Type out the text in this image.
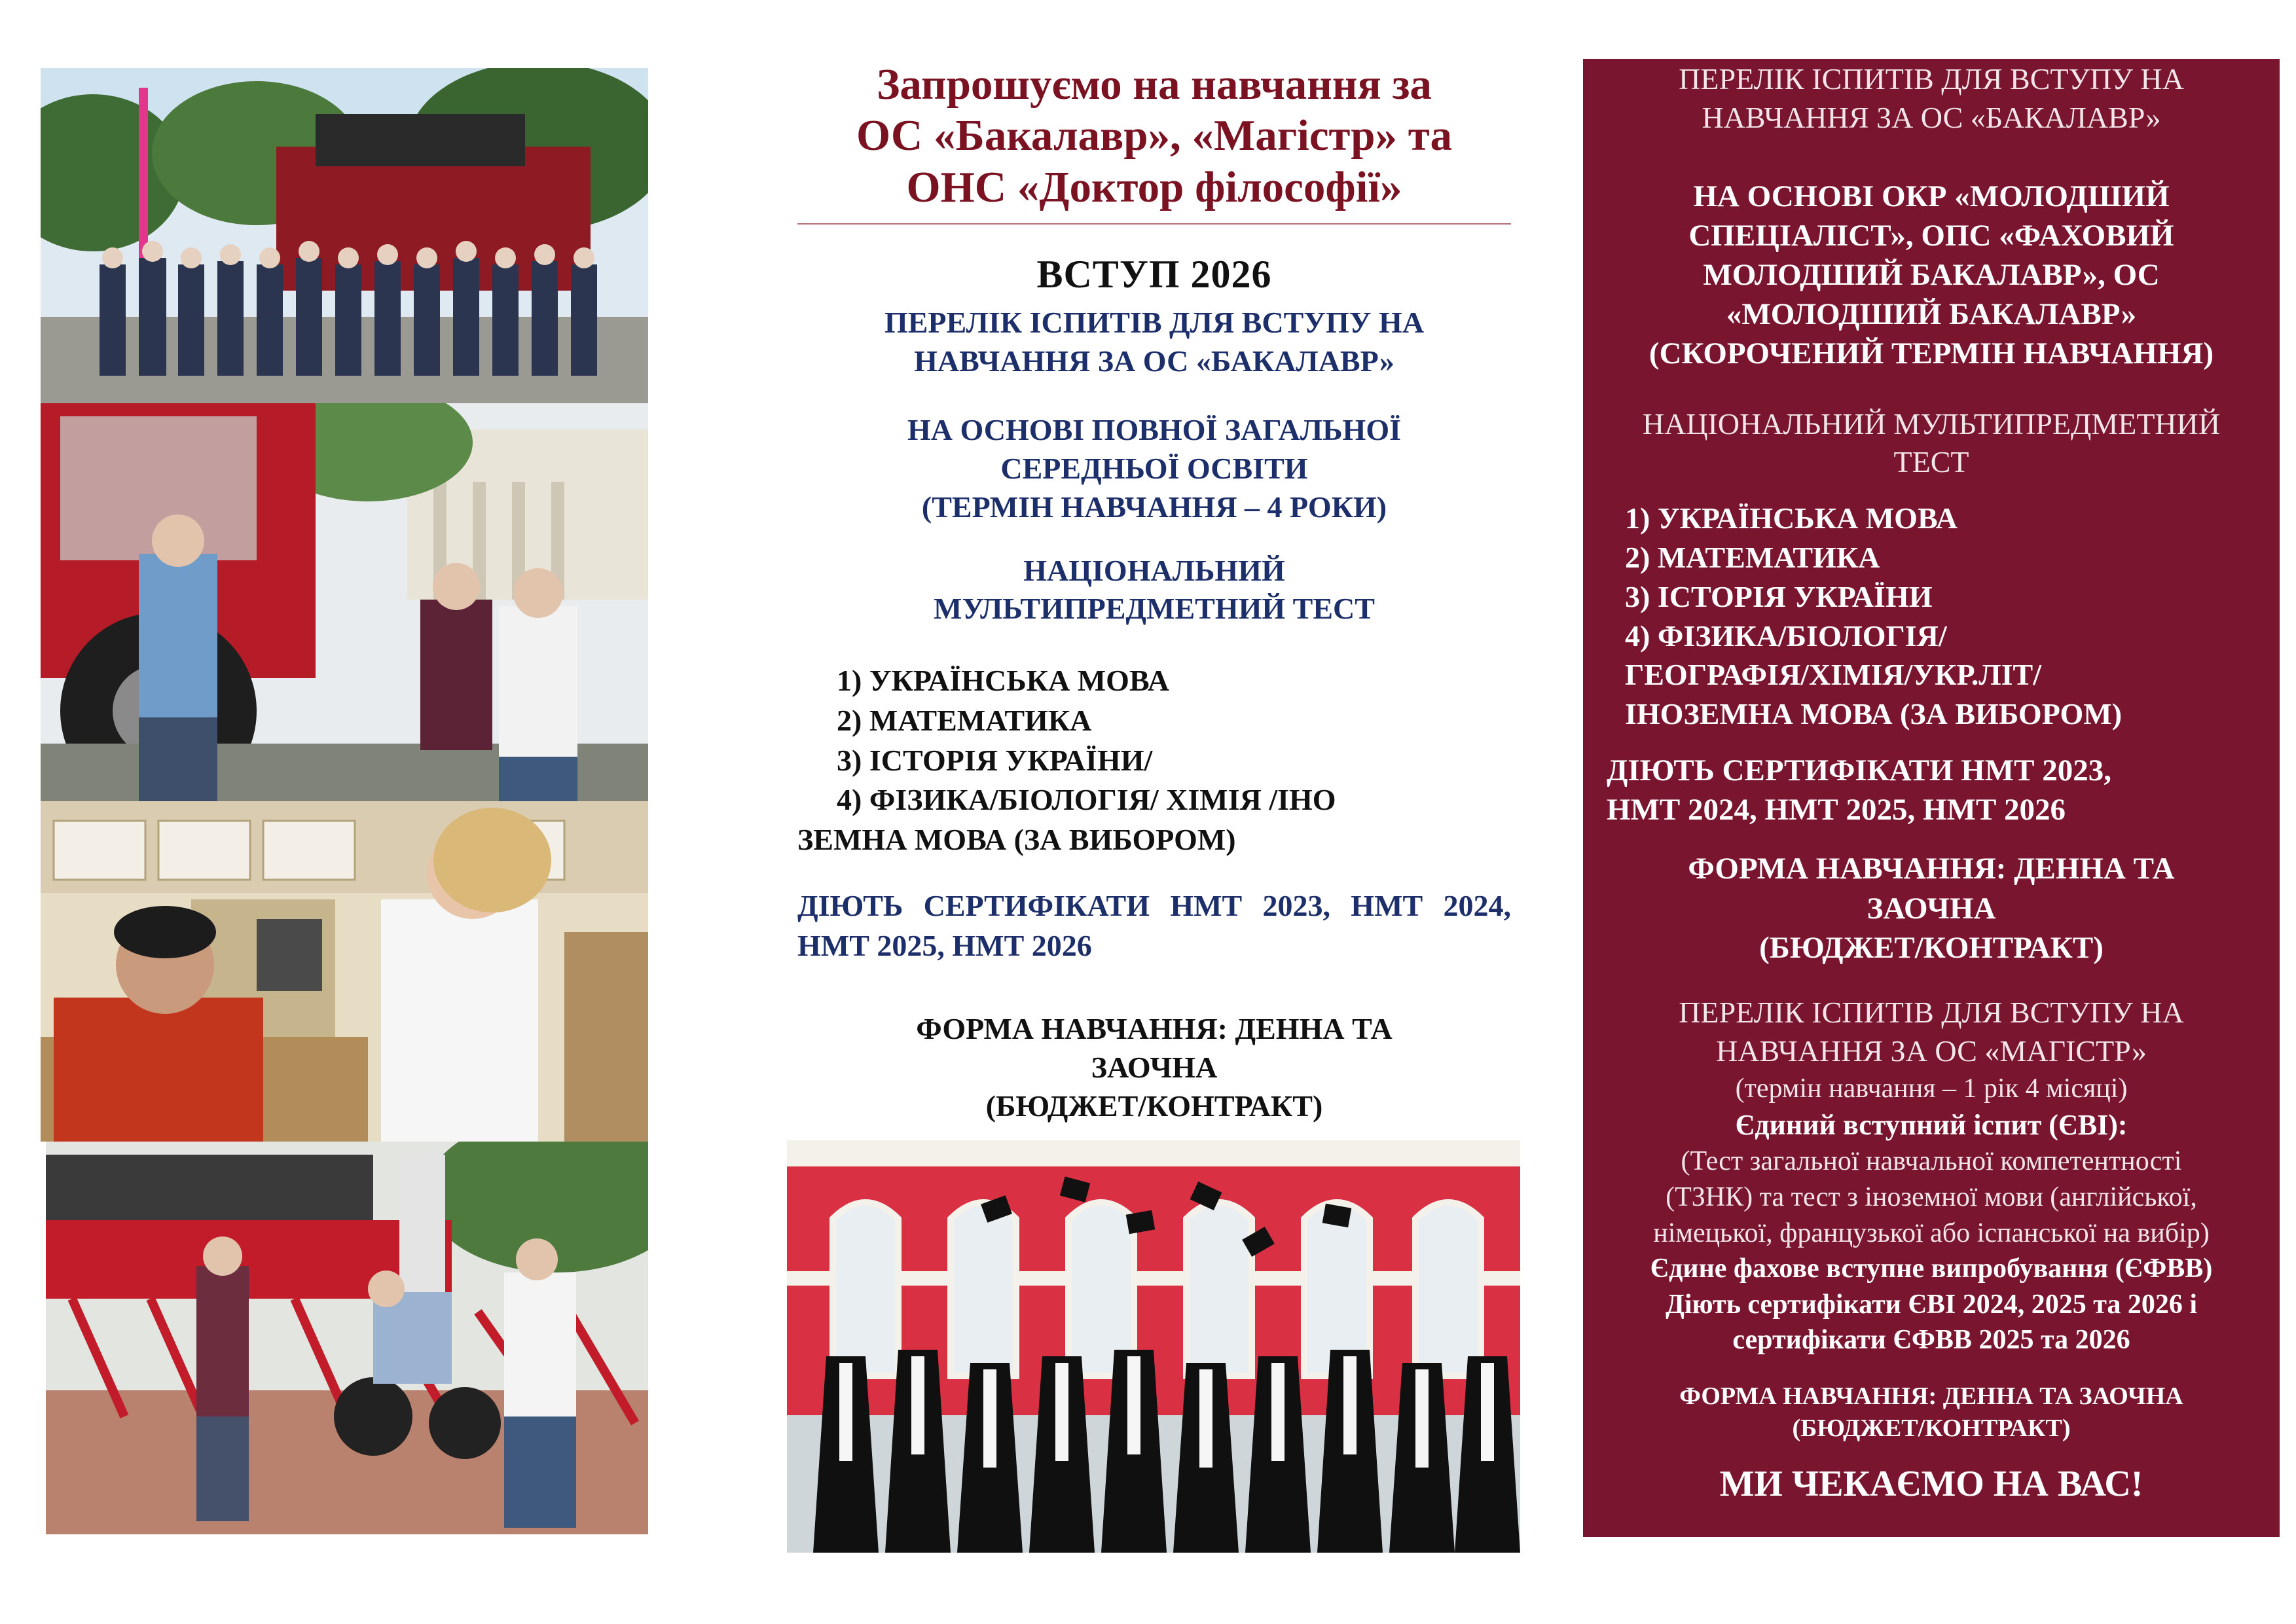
Запрошуємо на навчання за
ОС «Бакалавр», «Магістр» та
ОНС «Доктор філософії»

ВСТУП 2026

ПЕРЕЛІК ІСПИТІВ ДЛЯ ВСТУПУ НА
НАВЧАННЯ ЗА ОС «БАКАЛАВР»

НА ОСНОВІ ПОВНОЇ ЗАГАЛЬНОЇ
СЕРЕДНЬОЇ ОСВІТИ
(ТЕРМІН НАВЧАННЯ – 4 РОКИ)

НАЦІОНАЛЬНИЙ
МУЛЬТИПРЕДМЕТНИЙ ТЕСТ

1) УКРАЇНСЬКА МОВА
2) МАТЕМАТИКА
3) ІСТОРІЯ УКРАЇНИ/
4) ФІЗИКА/БІОЛОГІЯ/ ХІМІЯ /ІНО
ЗЕМНА МОВА (ЗА ВИБОРОМ)

ДІЮТЬ СЕРТИФІКАТИ НМТ 2023, НМТ 2024, НМТ 2025, НМТ 2026

ФОРМА НАВЧАННЯ: ДЕННА ТА
ЗАОЧНА
(БЮДЖЕТ/КОНТРАКТ)

ПЕРЕЛІК ІСПИТІВ ДЛЯ ВСТУПУ НА
НАВЧАННЯ ЗА ОС «БАКАЛАВР»

НА ОСНОВІ ОКР «МОЛОДШИЙ
СПЕЦІАЛІСТ», ОПС «ФАХОВИЙ
МОЛОДШИЙ БАКАЛАВР», ОС
«МОЛОДШИЙ БАКАЛАВР»
(СКОРОЧЕНИЙ ТЕРМІН НАВЧАННЯ)

НАЦІОНАЛЬНИЙ МУЛЬТИПРЕДМЕТНИЙ
ТЕСТ

1) УКРАЇНСЬКА МОВА
2) МАТЕМАТИКА
3) ІСТОРІЯ УКРАЇНИ
4) ФІЗИКА/БІОЛОГІЯ/
ГЕОГРАФІЯ/ХІМІЯ/УКР.ЛІТ/
ІНОЗЕМНА МОВА (ЗА ВИБОРОМ)

ДІЮТЬ СЕРТИФІКАТИ НМТ 2023,
НМТ 2024, НМТ 2025, НМТ 2026

ФОРМА НАВЧАННЯ: ДЕННА ТА
ЗАОЧНА
(БЮДЖЕТ/КОНТРАКТ)

ПЕРЕЛІК ІСПИТІВ ДЛЯ ВСТУПУ НА
НАВЧАННЯ ЗА ОС «МАГІСТР»

(термін навчання – 1 рік 4 місяці)

Єдиний вступний іспит (ЄВІ):

(Тест загальної навчальної компетентності
(ТЗНК) та тест з іноземної мови (англійської,
німецької, французької або іспанської на вибір)

Єдине фахове вступне випробування (ЄФВВ)

Діють сертифікати ЄВІ 2024, 2025 та 2026 і
сертифікати ЄФВВ 2025 та 2026

ФОРМА НАВЧАННЯ: ДЕННА ТА ЗАОЧНА
(БЮДЖЕТ/КОНТРАКТ)

МИ ЧЕКАЄМО НА ВАС!
